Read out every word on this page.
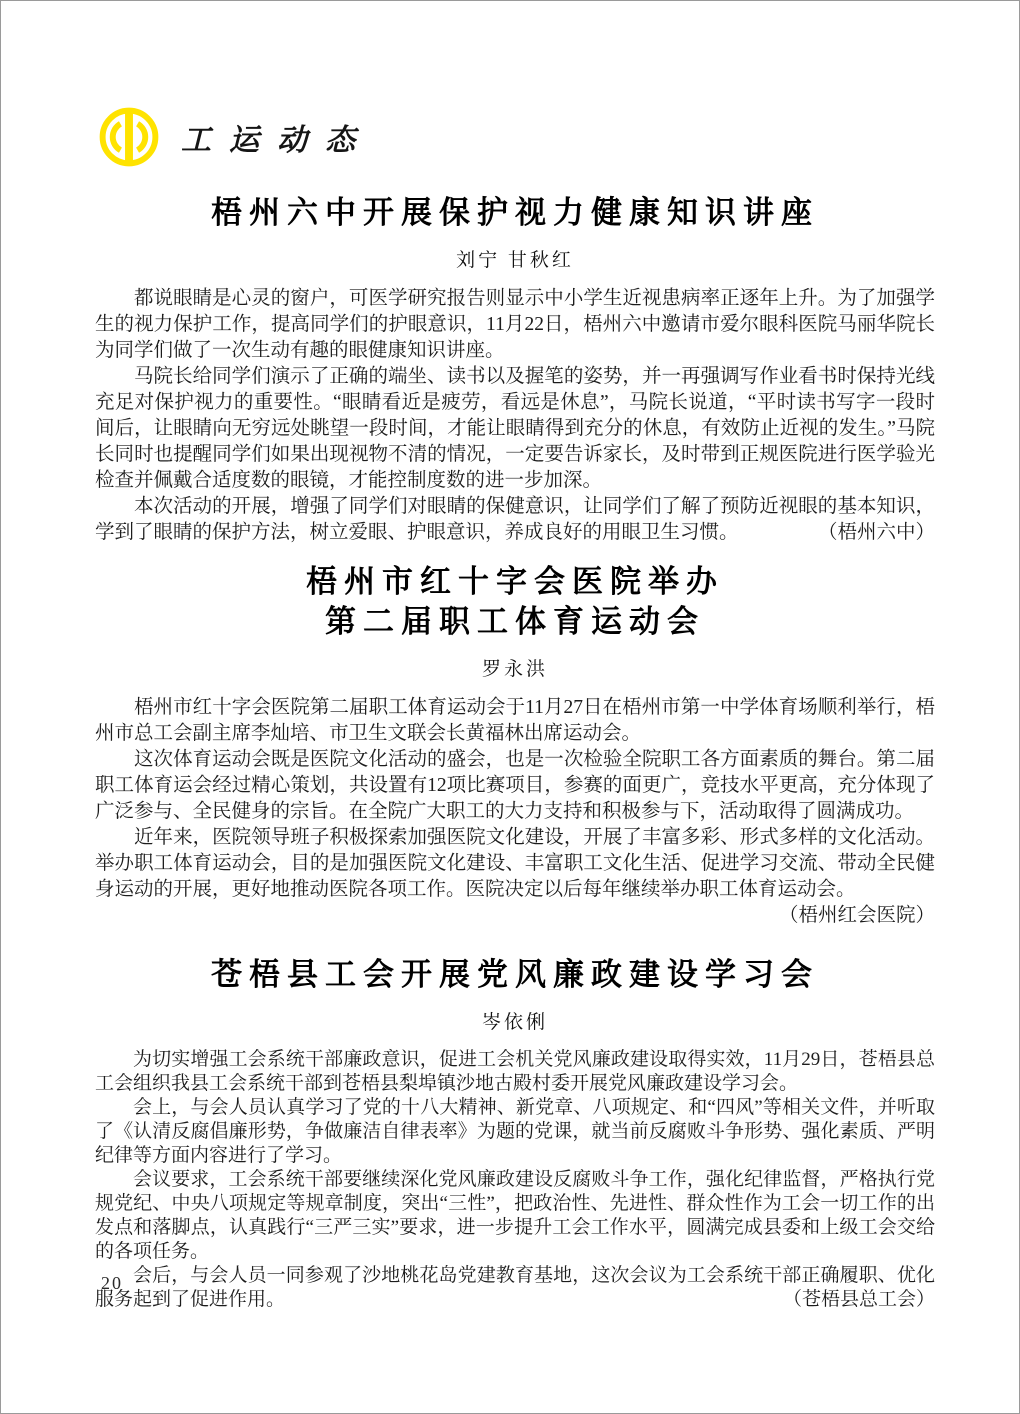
工运动态
梧州六中开展保护视力健康知识讲座
刘宁 甘秋红

都说眼睛是心灵的窗户，可医学研究报告则显示中小学生近视患病率正逐年上升。为了加强学生的视力保护工作，提高同学们的护眼意识，11月22日，梧州六中邀请市爱尔眼科医院马丽华院长为同学们做了一次生动有趣的眼健康知识讲座。

马院长给同学们演示了正确的端坐、读书以及握笔的姿势，并一再强调写作业看书时保持光线充足对保护视力的重要性。“眼睛看近是疲劳，看远是休息”，马院长说道，“平时读书写字一段时间后，让眼睛向无穷远处眺望一段时间，才能让眼睛得到充分的休息，有效防止近视的发生。”马院长同时也提醒同学们如果出现视物不清的情况，一定要告诉家长，及时带到正规医院进行医学验光检查并佩戴合适度数的眼镜，才能控制度数的进一步加深。

本次活动的开展，增强了同学们对眼睛的保健意识，让同学们了解了预防近视眼的基本知识，学到了眼睛的保护方法，树立爱眼、护眼意识，养成良好的用眼卫生习惯。	（梧州六中）

梧州市红十字会医院举办
第二届职工体育运动会
罗永洪

梧州市红十字会医院第二届职工体育运动会于11月27日在梧州市第一中学体育场顺利举行，梧州市总工会副主席李灿培、市卫生文联会长黄福林出席运动会。

这次体育运动会既是医院文化活动的盛会，也是一次检验全院职工各方面素质的舞台。第二届职工体育运会经过精心策划，共设置有12项比赛项目，参赛的面更广，竞技水平更高，充分体现了广泛参与、全民健身的宗旨。在全院广大职工的大力支持和积极参与下，活动取得了圆满成功。

近年来，医院领导班子积极探索加强医院文化建设，开展了丰富多彩、形式多样的文化活动。举办职工体育运动会，目的是加强医院文化建设、丰富职工文化生活、促进学习交流、带动全民健身运动的开展，更好地推动医院各项工作。医院决定以后每年继续举办职工体育运动会。
（梧州红会医院）

苍梧县工会开展党风廉政建设学习会
岑依俐

为切实增强工会系统干部廉政意识，促进工会机关党风廉政建设取得实效，11月29日，苍梧县总工会组织我县工会系统干部到苍梧县梨埠镇沙地古殿村委开展党风廉政建设学习会。

会上，与会人员认真学习了党的十八大精神、新党章、八项规定、和“四风”等相关文件，并听取了《认清反腐倡廉形势，争做廉洁自律表率》为题的党课，就当前反腐败斗争形势、强化素质、严明纪律等方面内容进行了学习。

会议要求，工会系统干部要继续深化党风廉政建设反腐败斗争工作，强化纪律监督，严格执行党规党纪、中央八项规定等规章制度，突出“三性”，把政治性、先进性、群众性作为工会一切工作的出发点和落脚点，认真践行“三严三实”要求，进一步提升工会工作水平，圆满完成县委和上级工会交给的各项任务。

会后，与会人员一同参观了沙地桃花岛党建教育基地，这次会议为工会系统干部正确履职、优化服务起到了促进作用。	（苍梧县总工会）

20
